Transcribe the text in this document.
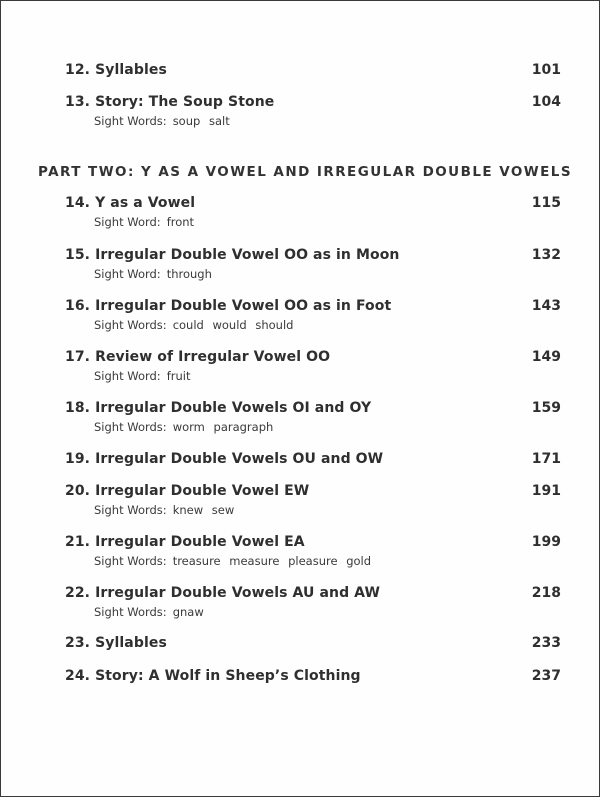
12. Syllables	101
13. Story: The Soup Stone	104
Sight Words: soup salt
PART TWO: Y AS A VOWEL AND IRREGULAR DOUBLE VOWELS
14. Y as a Vowel	115
Sight Word: front
15. Irregular Double Vowel OO as in Moon	132
Sight Word: through
16. Irregular Double Vowel OO as in Foot	143
Sight Words: could would should
17. Review of Irregular Vowel OO	149
Sight Word: fruit
18. Irregular Double Vowels OI and OY	159
Sight Words: worm paragraph
19. Irregular Double Vowels OU and OW	171
20. Irregular Double Vowel EW	191
Sight Words: knew sew
21. Irregular Double Vowel EA	199
Sight Words: treasure measure pleasure gold
22. Irregular Double Vowels AU and AW	218
Sight Words: gnaw
23. Syllables	233
24. Story: A Wolf in Sheep’s Clothing	237
